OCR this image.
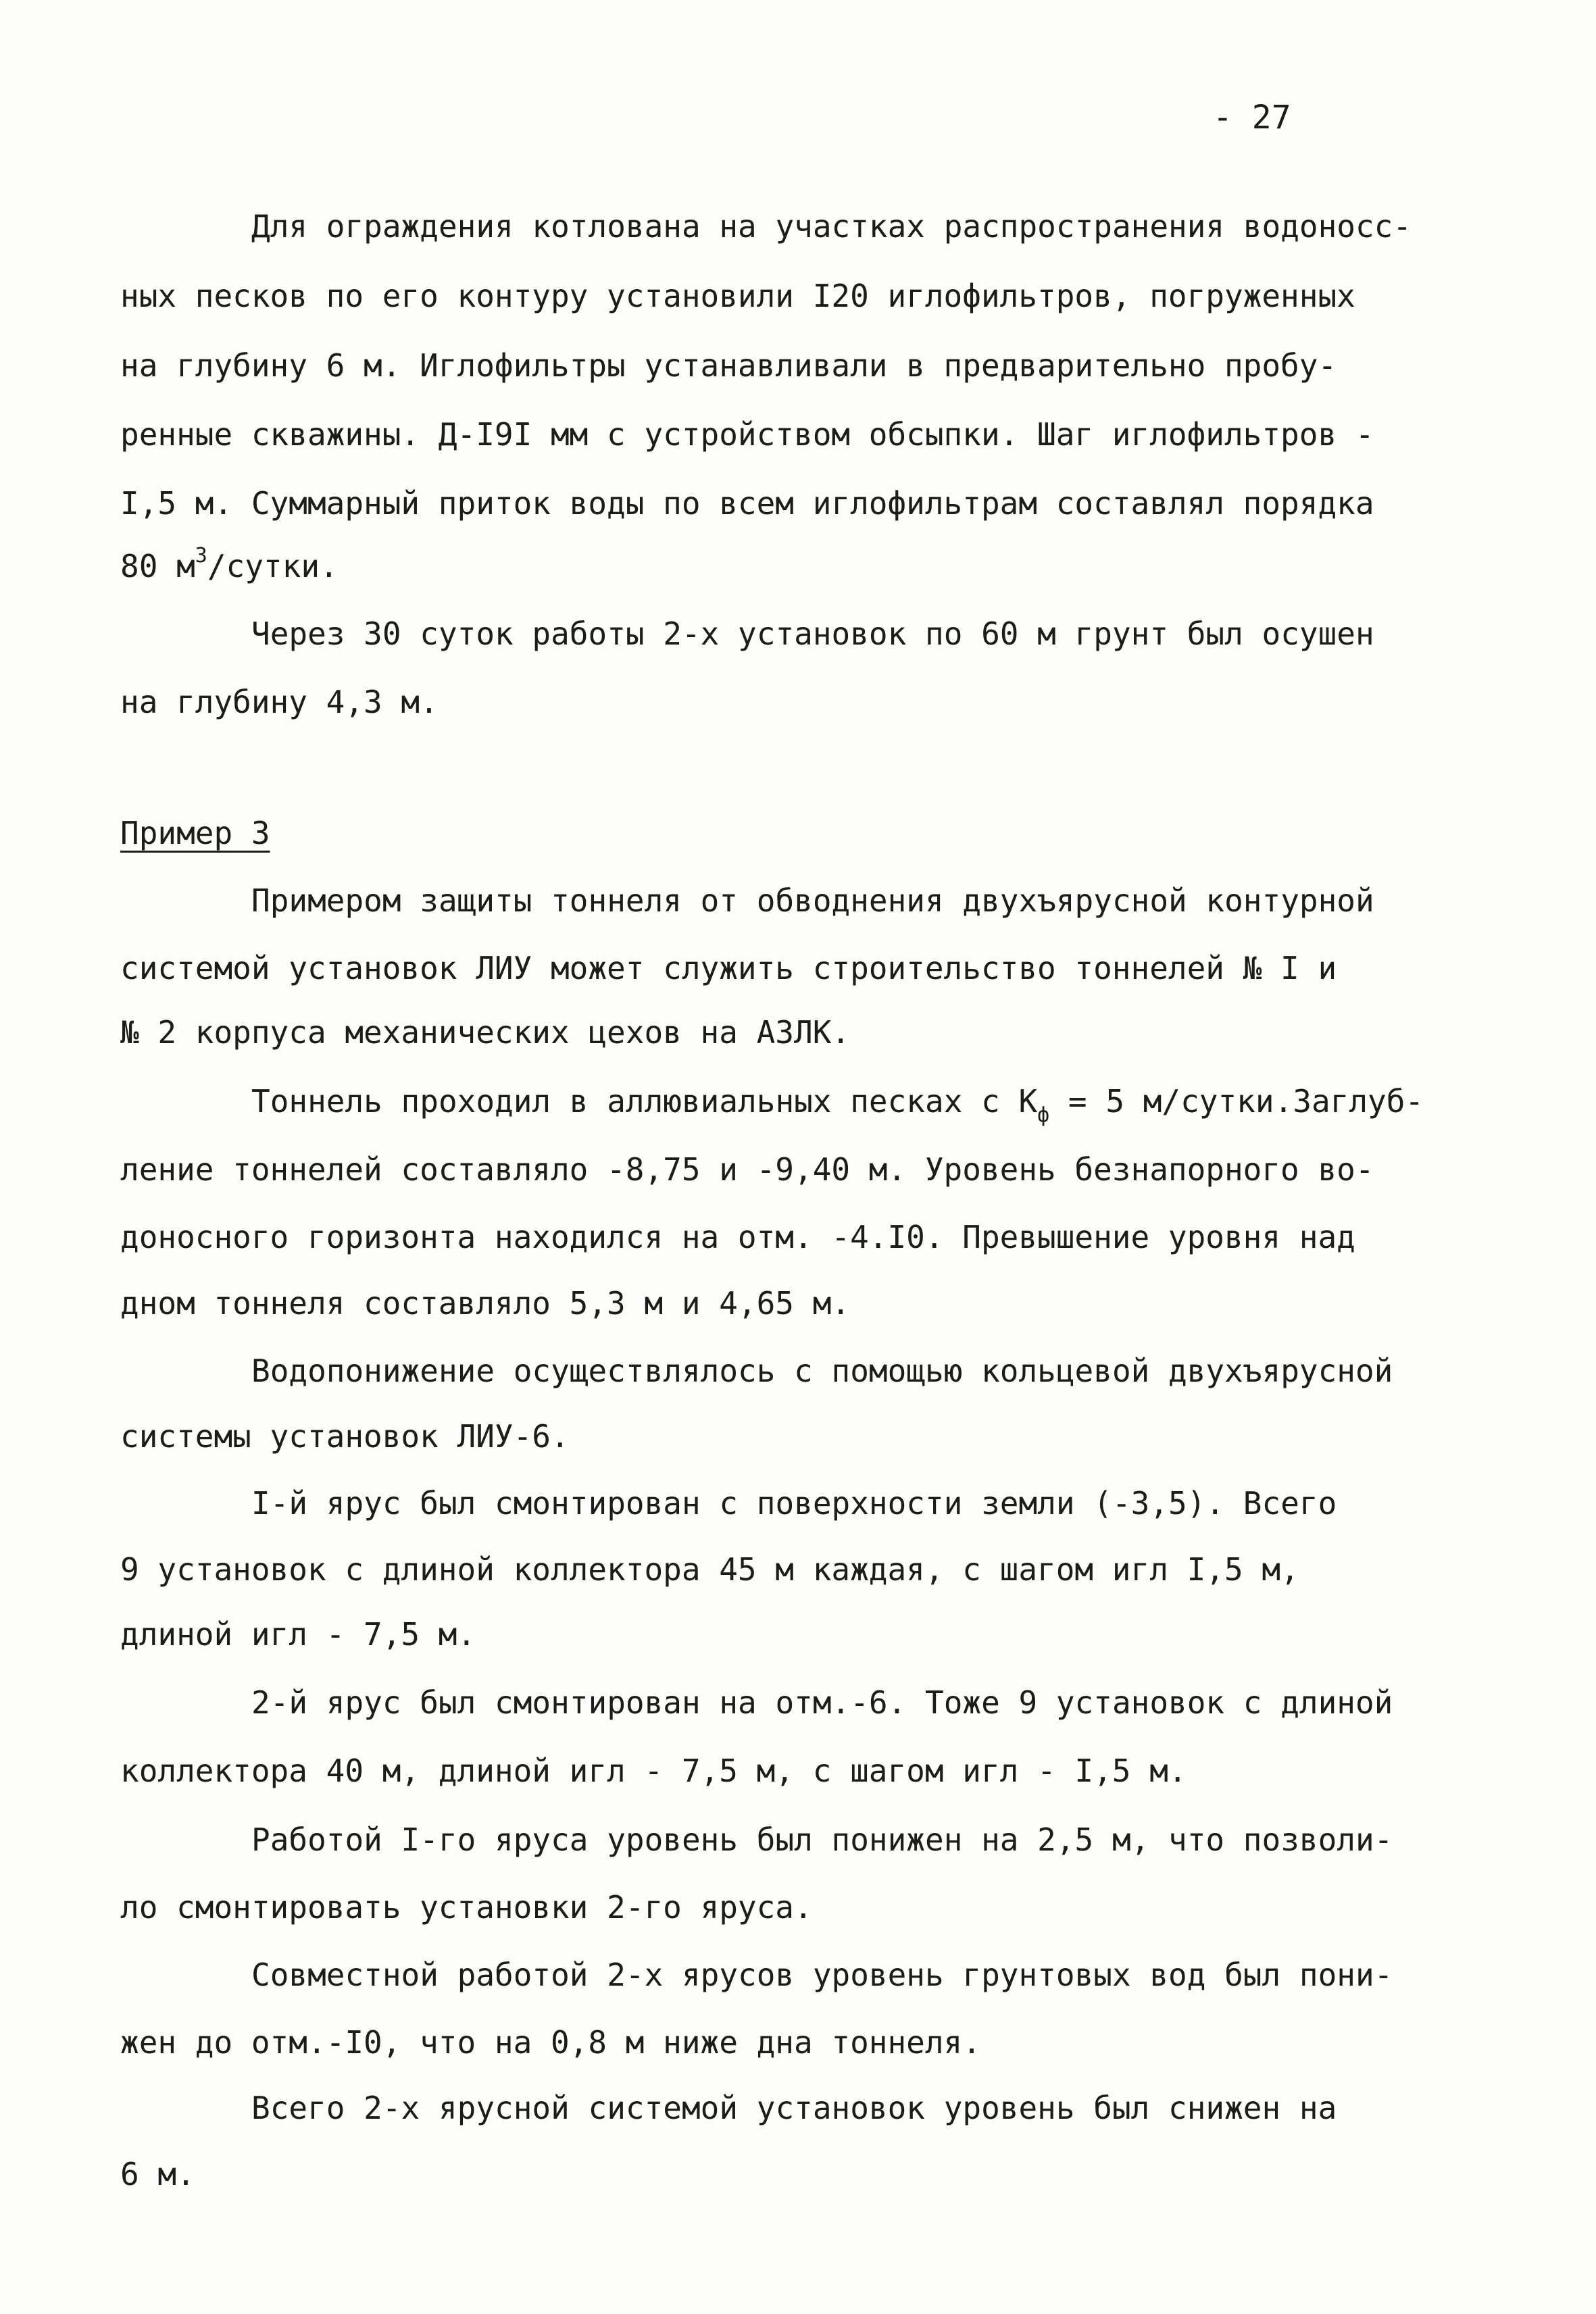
- 27
Для ограждения котлована на участках распространения водоносс-
ных песков по его контуру установили I20 иглофильтров, погруженных
на глубину 6 м. Иглофильтры устанавливали в предварительно пробу-
ренные скважины. Д-I9I мм с устройством обсыпки. Шаг иглофильтров -
I,5 м. Суммарный приток воды по всем иглофильтрам составлял порядка
80 $м^3$/сутки.
Через 30 суток работы 2-х установок по 60 м грунт был осушен
на глубину 4,3 м.
Пример 3
Примером защиты тоннеля от обводнения двухъярусной контурной
системой установок ЛИУ может служить строительство тоннелей № I и
№ 2 корпуса механических цехов на АЗЛК.
Тоннель проходил в аллювиальных песках с $К_ф = 5$ м/сутки.Заглуб-
ление тоннелей составляло -8,75 и -9,40 м. Уровень безнапорного во-
доносного горизонта находился на отм. -4.I0. Превышение уровня над
дном тоннеля составляло 5,3 м и 4,65 м.
Водопонижение осуществлялось с помощью кольцевой двухъярусной
системы установок ЛИУ-6.
I-й ярус был смонтирован с поверхности земли (-3,5). Всего
9 установок с длиной коллектора 45 м каждая, с шагом игл I,5 м,
длиной игл - 7,5 м.
2-й ярус был смонтирован на отм.-6. Тоже 9 установок с длиной
коллектора 40 м, длиной игл - 7,5 м, с шагом игл - I,5 м.
Работой I-го яруса уровень был понижен на 2,5 м, что позволи-
ло смонтировать установки 2-го яруса.
Совместной работой 2-х ярусов уровень грунтовых вод был пони-
жен до отм.-I0, что на 0,8 м ниже дна тоннеля.
Всего 2-х ярусной системой установок уровень был снижен на
6 м.
